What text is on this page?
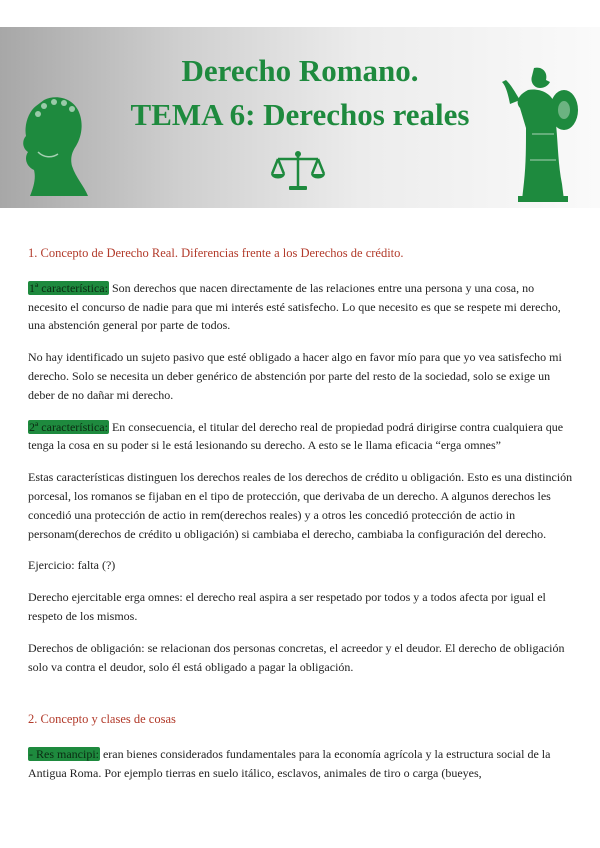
Derecho Romano.
TEMA 6: Derechos reales
1. Concepto de Derecho Real. Diferencias frente a los Derechos de crédito.

1ª característica: Son derechos que nacen directamente de las relaciones entre una persona y una cosa, no necesito el concurso de nadie para que mi interés esté satisfecho. Lo que necesito es que se respete mi derecho, una abstención general por parte de todos.

No hay identificado un sujeto pasivo que esté obligado a hacer algo en favor mío para que yo vea satisfecho mi derecho. Solo se necesita un deber genérico de abstención por parte del resto de la sociedad, solo se exige un deber de no dañar mi derecho.

2ª característica: En consecuencia, el titular del derecho real de propiedad podrá dirigirse contra cualquiera que tenga la cosa en su poder si le está lesionando su derecho. A esto se le llama eficacia “erga omnes”

Estas características distinguen los derechos reales de los derechos de crédito u obligación. Esto es una distinción porcesal, los romanos se fijaban en el tipo de protección, que derivaba de un derecho. A algunos derechos les concedió una protección de actio in rem(derechos reales) y a otros les concedió protección de actio in personam(derechos de crédito u obligación) si cambiaba el derecho, cambiaba la configuración del derecho.

Ejercicio: falta (?)

Derecho ejercitable erga omnes: el derecho real aspira a ser respetado por todos y a todos afecta por igual el respeto de los mismos.

Derechos de obligación: se relacionan dos personas concretas, el acreedor y el deudor. El derecho de obligación solo va contra el deudor, solo él está obligado a pagar la obligación.

2. Concepto y clases de cosas

- Res mancipi: eran bienes considerados fundamentales para la economía agrícola y la estructura social de la Antigua Roma. Por ejemplo tierras en suelo itálico, esclavos, animales de tiro o carga (bueyes,
